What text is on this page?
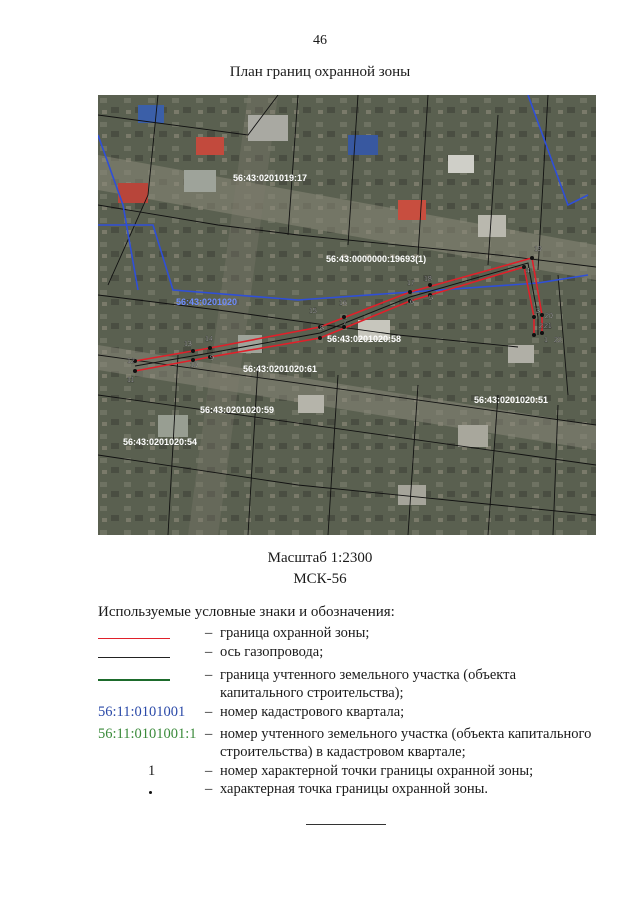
46
План границ охранной зоны
12
11
13
10
14
9
15
8
16
7
17
6
18
5
19
4
3
20
2 21
1 22
56:43:0201019:17
56:43:0000000:19693(1)
56:43:0201020:58
56:43:0201020:61
56:43:0201020:59
56:43:0201020:51
56:43:0201020:54
56:43:0201020
Масштаб 1:2300
МСК-56
Используемые условные знаки и обозначения:
– граница охранной зоны;
– ось газопровода;
– граница учтенного земельного участка (объекта капитального строительства);
56:11:0101001 – номер кадастрового квартала;
56:11:0101001:1 – номер учтенного земельного участка (объекта капитального строительства) в кадастровом квартале;
1	– номер характерной точки границы охранной зоны;
– характерная точка границы охранной зоны.
